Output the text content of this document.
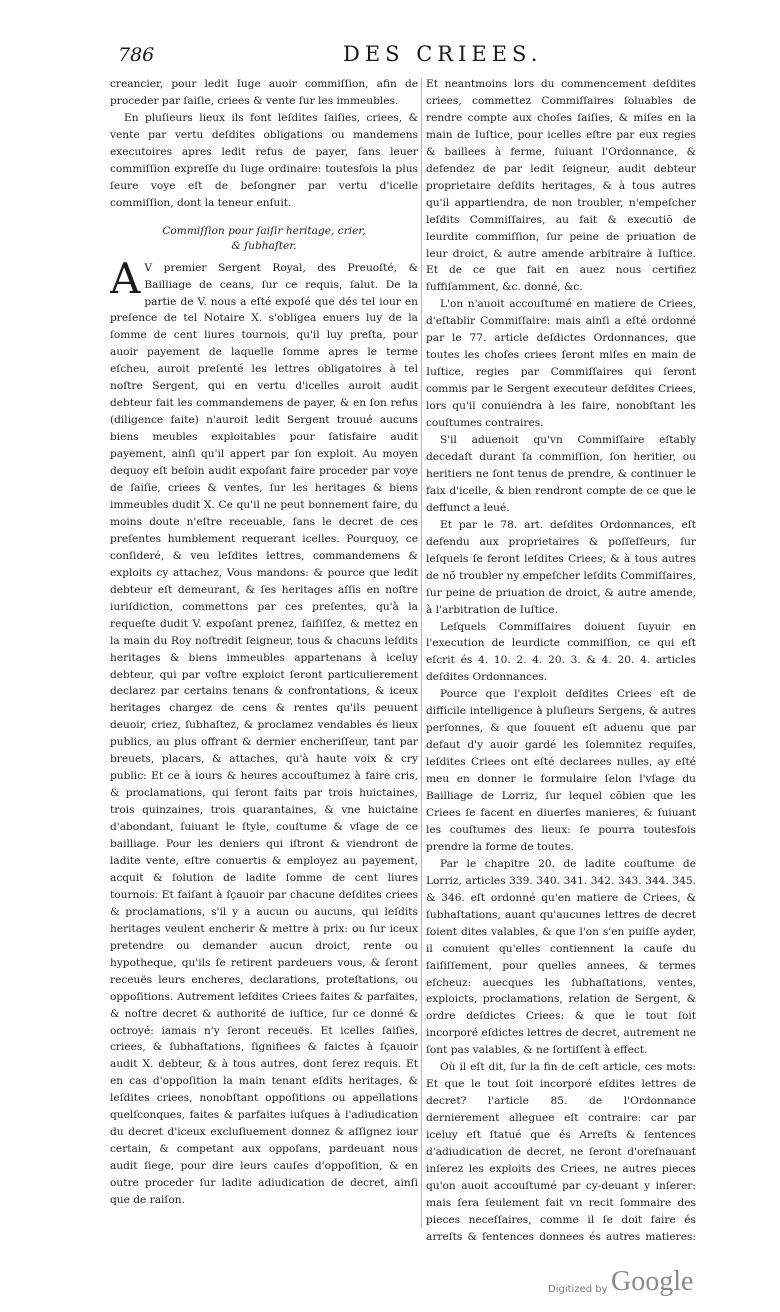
786	DES CRIEES.

creancier, pour ledit Iuge auoir commiſſion, afin de proceder par ſaiſie, criees & vente ſur les immeubles.

En pluſieurs lieux ils font leſdites ſaiſies, criees, & vente par vertu deſdites obligations ou mandemens executoires apres ledit refus de payer, ſans leuer commiſſion expreſſe du Iuge ordinaire: toutesfois la plus ſeure voye eſt de beſongner par vertu d'icelle commiſſion, dont la teneur enſuit.

Commiſſion pour ſaiſir heritage, crier,
& ſubhaſter.

A V premier Sergent Royal, des Preuoſté, & Bailliage de ceans, ſur ce requis, ſalut. De la partie de V. nous a eſté expoſé que dés tel iour en preſence de tel Notaire X. s'obligea enuers luy de la ſomme de cent liures tournois, qu'il luy preſta, pour auoir payement de laquelle ſomme apres le terme eſcheu, auroit preſenté les lettres obligatoires à tel noſtre Sergent, qui en vertu d'icelles auroit audit debteur fait les commandemens de payer, & en ſon refus (diligence faite) n'auroit ledit Sergent trouué aucuns biens meubles exploitables pour ſatisfaire audit payement, ainſi qu'il appert par ſon exploit. Au moyen dequoy eſt beſoin audit expoſant faire proceder par voye de ſaiſie, criees & ventes, ſur les heritages & biens immeubles dudit X. Ce qu'il ne peut bonnement faire, du moins doute n'eſtre receuable, ſans le decret de ces preſentes humblement requerant icelles. Pourquoy, ce conſideré, & veu leſdites lettres, commandemens & exploits cy attachez, Vous mandons: & pource que ledit debteur eſt demeurant, & ſes heritages aſſis en noſtre iuriſdiction, commettons par ces preſentes, qu'à la requeſte dudit V. expoſant prenez, ſaiſiſſez, & mettez en la main du Roy noſtredit ſeigneur, tous & chacuns leſdits heritages & biens immeubles appartenans à iceluy debteur, qui par voſtre exploict ſeront particulierement declarez par certains tenans & confrontations, & iceux heritages chargez de cens & rentes qu'ils peuuent deuoir, criez, ſubhaſtez, & proclamez vendables és lieux publics, au plus offrant & dernier encheriſſeur, tant par breuets, placars, & attaches, qu'à haute voix & cry public: Et ce à iours & heures accouſtumez à faire cris, & proclamations, qui ſeront faits par trois huictaines, trois quinzaines, trois quarantaines, & vne huictaine d'abondant, ſuiuant le ſtyle, couſtume & vſage de ce bailliage. Pour les deniers qui iſtront & viendront de ladite vente, eſtre conuertis & employez au payement, acquit & ſolution de ladite ſomme de cent liures tournois. Et faiſant à ſçauoir par chacune deſdites criees & proclamations, s'il y a aucun ou aucuns, qui leſdits heritages veulent encherir & mettre à prix: ou ſur iceux pretendre ou demander aucun droict, rente ou hypotheque, qu'ils ſe retirent pardeuers vous, & ſeront receuës leurs encheres, declarations, proteſtations, ou oppoſitions. Autrement leſdites Criees faites & parfaites, & noſtre decret & authorité de iuſtice, ſur ce donné & octroyé: iamais n'y ſeront receuës. Et icelles ſaiſies, criees, & ſubhaſtations, ſignifiees & faictes à ſçauoir audit X. debteur, & à tous autres, dont ſerez requis. Et en cas d'oppoſition la main tenant eſdits heritages, & leſdites criees, nonobſtant oppoſitions ou appellations quelſconques, faites & parfaites iuſques à l'adiudication du decret d'iceux excluſiuement donnez & aſſignez iour certain, & competant aux oppoſans, pardeuant nous audit ſiege, pour dire leurs cauſes d'oppoſition, & en outre proceder ſur ladite adiudication de decret, ainſi que de raiſon.

Et neantmoins lors du commencement deſdites criees, commettez Commiſſaires ſoluables de rendre compte aux choſes ſaiſies, & miſes en la main de Iuſtice, pour icelles eſtre par eux regies & baillees à ferme, ſuiuant l'Ordonnance, & defendez de par ledit ſeigneur, audit debteur proprietaire deſdits heritages, & à tous autres qu'il appartiendra, de non troubler, n'empeſcher leſdits Commiſſaires, au fait & executiõ de leurdite commiſſion, ſur peine de priuation de leur droict, & autre amende arbitraire à Iuſtice. Et de ce que fait en auez nous certifiez ſuffiſamment, &c. donné, &c.

L'on n'auoit accouſtumé en matiere de Criees, d'eſtablir Commiſſaire: mais ainſi a eſté ordonné par le 77. article deſdictes Ordonnances, que toutes les choſes criees ſeront miſes en main de Iuſtice, regies par Commiſſaires qui ſeront commis par le Sergent executeur deſdites Criees, lors qu'il conuiendra à les faire, nonobſtant les couſtumes contraires.

S'il aduenoit qu'vn Commiſſaire eſtably decedaſt durant ſa commiſſion, ſon heritier, ou heritiers ne ſont tenus de prendre, & continuer le faix d'icelle, & bien rendront compte de ce que le deffunct a leué.

Et par le 78. art. deſdites Ordonnances, eſt defendu aux proprietaires & poſſeſſeurs, ſur leſquels ſe feront leſdites Criees, & à tous autres de nõ troubler ny empeſcher leſdits Commiſſaires, ſur peine de priuation de droict, & autre amende, à l'arbitration de Iuſtice.

Leſquels Commiſſaires doiuent ſuyuir en l'execution de leurdicte commiſſion, ce qui eſt eſcrit és 4. 10. 2. 4. 20. 3. & 4. 20. 4. articles deſdites Ordonnances.

Pource que l'exploit deſdites Criees eſt de difficile intelligence à pluſieurs Sergens, & autres perſonnes, & que ſouuent eſt aduenu que par defaut d'y auoir gardé les ſolemnitez requiſes, leſdites Criees ont eſté declarees nulles, ay eſté meu en donner le formulaire ſelon l'vſage du Bailliage de Lorriz, ſur lequel cõbien que les Criees ſe facent en diuerſes manieres, & ſuiuant les couſtumes des lieux: ſe pourra toutesfois prendre la forme de toutes.

Par le chapitre 20. de ladite couſtume de Lorriz, articles 339. 340. 341. 342. 343. 344. 345. & 346. eſt ordonné qu'en matiere de Criees, & ſubhaſtations, auant qu'aucunes lettres de decret ſoient dites valables, & que l'on s'en puiſſe ayder, il conuient qu'elles contiennent la cauſe du ſaiſiſſement, pour quelles annees, & termes eſcheuz: auecques les ſubhaſtations, ventes, exploicts, proclamations, relation de Sergent, & ordre deſdictes Criees: & que le tout ſoit incorporé eſdictes lettres de decret, autrement ne ſont pas valables, & ne ſortiſſent à effect.

Où il eſt dit, ſur la fin de ceſt article, ces mots: Et que le tout ſoit incorporé eſdites lettres de decret? l'article 85. de l'Ordonnance dernierement alleguee eſt contraire: car par iceluy eſt ſtatué que és Arreſts & ſentences d'adiudication de decret, ne ſeront d'oreſnauant inſerez les exploits des Criees, ne autres pieces qu'on auoit accouſtumé par cy-deuant y inſerer: mais ſera ſeulement fait vn recit ſommaire des pieces neceſſaires, comme il ſe doit faire és arreſts & ſentences donnees és autres matieres:

Digitized by Google
